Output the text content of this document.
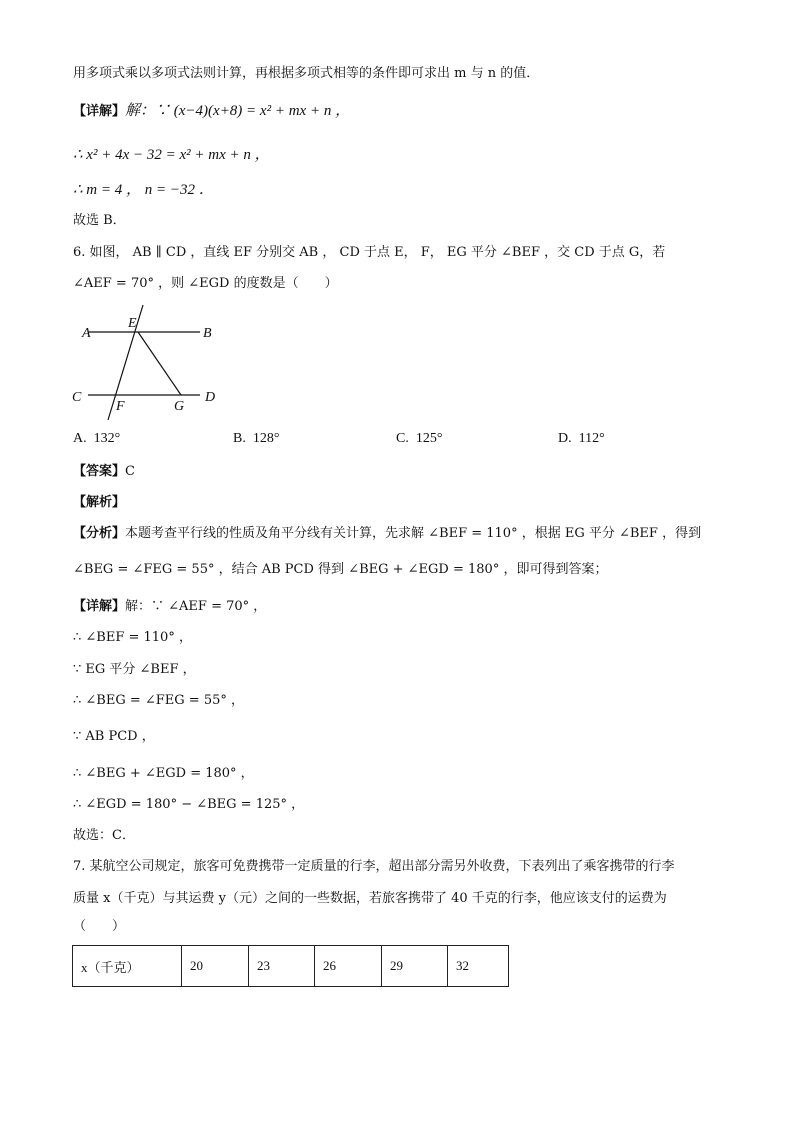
用多项式乘以多项式法则计算，再根据多项式相等的条件即可求出 m 与 n 的值．
【详解】解：∵ (x−4)(x+8) = x² + mx + n ，
∴ x² + 4x − 32 = x² + mx + n ，
∴ m = 4 ， n = −32 ．
故选 B．
6. 如图， AB ∥ CD ，直线 EF 分别交 AB ， CD 于点 E， F， EG 平分 ∠BEF ，交 CD 于点 G，若
∠AEF = 70° ，则 ∠EGD 的度数是（　　）
A	B
C	D
E
F	G
A. 132°	B. 128°	C. 125°	D. 112°
【答案】C
【解析】
【分析】本题考查平行线的性质及角平分线有关计算，先求解 ∠BEF = 110° ，根据 EG 平分 ∠BEF ，得到
∠BEG = ∠FEG = 55° ，结合 AB PCD 得到 ∠BEG + ∠EGD = 180° ，即可得到答案；
【详解】解：∵ ∠AEF = 70° ，
∴ ∠BEF = 110° ，
∵ EG 平分 ∠BEF ，
∴ ∠BEG = ∠FEG = 55° ，
∵ AB PCD ，
∴ ∠BEG + ∠EGD = 180° ，
∴ ∠EGD = 180° − ∠BEG = 125° ，
故选：C．
7. 某航空公司规定，旅客可免费携带一定质量的行李，超出部分需另外收费，下表列出了乘客携带的行李
质量 x（千克）与其运费 y（元）之间的一些数据，若旅客携带了 40 千克的行李，他应该支付的运费为
（　　）
x（千克）	20	23	26	29	32
